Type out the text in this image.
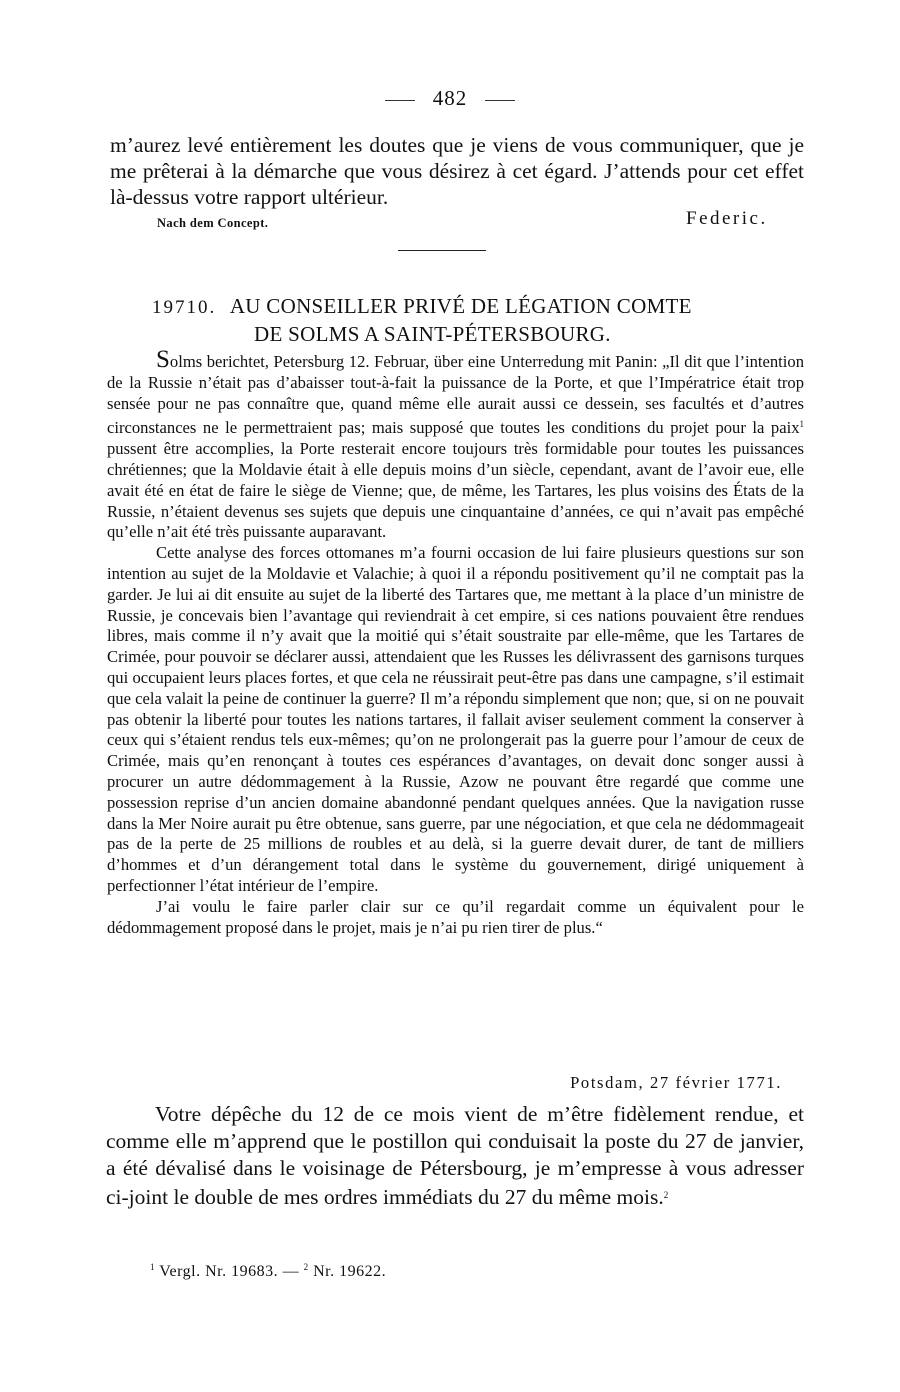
482

m’aurez levé entièrement les doutes que je viens de vous communiquer, que je me prêterai à la démarche que vous désirez à cet égard. J’attends pour cet effet là-dessus votre rapport ultérieur.

Nach dem Concept.	Federic.
19710. AU CONSEILLER PRIVÉ DE LÉGATION COMTE
DE SOLMS A SAINT-PÉTERSBOURG.

Solms berichtet, Petersburg 12. Februar, über eine Unterredung mit Panin: „Il dit que l’intention de la Russie n’était pas d’abaisser tout-à-fait la puissance de la Porte, et que l’Impératrice était trop sensée pour ne pas connaître que, quand même elle aurait aussi ce dessein, ses facultés et d’autres circonstances ne le permettraient pas; mais supposé que toutes les conditions du projet pour la paix$^1$ pussent être accomplies, la Porte resterait encore toujours très formidable pour toutes les puissances chrétiennes; que la Moldavie était à elle depuis moins d’un siècle, cependant, avant de l’avoir eue, elle avait été en état de faire le siège de Vienne; que, de même, les Tartares, les plus voisins des États de la Russie, n’étaient devenus ses sujets que depuis une cinquantaine d’années, ce qui n’avait pas empêché qu’elle n’ait été très puissante auparavant.

Cette analyse des forces ottomanes m’a fourni occasion de lui faire plusieurs questions sur son intention au sujet de la Moldavie et Valachie; à quoi il a répondu positivement qu’il ne comptait pas la garder. Je lui ai dit ensuite au sujet de la liberté des Tartares que, me mettant à la place d’un ministre de Russie, je concevais bien l’avantage qui reviendrait à cet empire, si ces nations pouvaient être rendues libres, mais comme il n’y avait que la moitié qui s’était soustraite par elle-même, que les Tartares de Crimée, pour pouvoir se déclarer aussi, attendaient que les Russes les délivrassent des garnisons turques qui occupaient leurs places fortes, et que cela ne réussirait peut-être pas dans une campagne, s’il estimait que cela valait la peine de continuer la guerre? Il m’a répondu simplement que non; que, si on ne pouvait pas obtenir la liberté pour toutes les nations tartares, il fallait aviser seulement comment la conserver à ceux qui s’étaient rendus tels eux-mêmes; qu’on ne prolongerait pas la guerre pour l’amour de ceux de Crimée, mais qu’en renonçant à toutes ces espérances d’avantages, on devait donc songer aussi à procurer un autre dédommagement à la Russie, Azow ne pouvant être regardé que comme une possession reprise d’un ancien domaine abandonné pendant quelques années. Que la navigation russe dans la Mer Noire aurait pu être obtenue, sans guerre, par une négociation, et que cela ne dédommageait pas de la perte de 25 millions de roubles et au delà, si la guerre devait durer, de tant de milliers d’hommes et d’un dérangement total dans le système du gouvernement, dirigé uniquement à perfectionner l’état intérieur de l’empire.

J’ai voulu le faire parler clair sur ce qu’il regardait comme un équivalent pour le dédommagement proposé dans le projet, mais je n’ai pu rien tirer de plus.“

Potsdam, 27 février 1771.

Votre dépêche du 12 de ce mois vient de m’être fidèlement rendue, et comme elle m’apprend que le postillon qui conduisait la poste du 27 de janvier, a été dévalisé dans le voisinage de Pétersbourg, je m’empresse à vous adresser ci-joint le double de mes ordres immédiats du 27 du même mois.$^2$

$^1$ Vergl. Nr. 19683. — $^2$ Nr. 19622.
